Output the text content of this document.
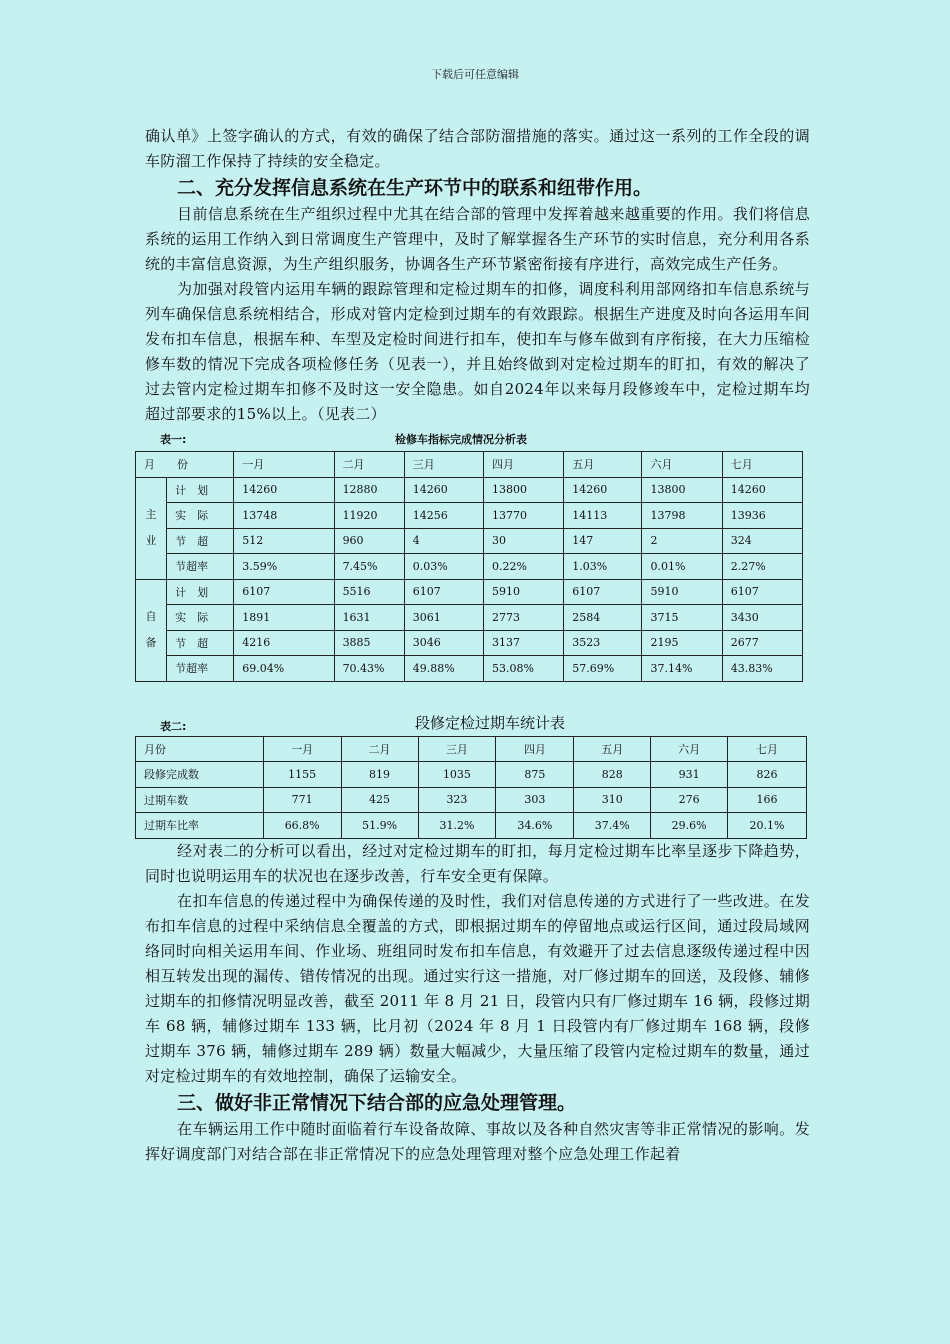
下载后可任意编辑

确认单》上签字确认的方式，有效的确保了结合部防溜措施的落实。通过这一系列的工作全段的调车防溜工作保持了持续的安全稳定。

二、充分发挥信息系统在生产环节中的联系和纽带作用。

目前信息系统在生产组织过程中尤其在结合部的管理中发挥着越来越重要的作用。我们将信息系统的运用工作纳入到日常调度生产管理中，及时了解掌握各生产环节的实时信息，充分利用各系统的丰富信息资源，为生产组织服务，协调各生产环节紧密衔接有序进行，高效完成生产任务。

为加强对段管内运用车辆的跟踪管理和定检过期车的扣修，调度科利用部网络扣车信息系统与列车确保信息系统相结合，形成对管内定检到过期车的有效跟踪。根据生产进度及时向各运用车间发布扣车信息，根据车种、车型及定检时间进行扣车，使扣车与修车做到有序衔接，在大力压缩检修车数的情况下完成各项检修任务（见表一），并且始终做到对定检过期车的盯扣，有效的解决了过去管内定检过期车扣修不及时这一安全隐患。如自2024年以来每月段修竣车中，定检过期车均超过部要求的15%以上。（见表二）

表一:	检修车指标完成情况分析表
月　　份		一月	二月	三月	四月	五月	六月	七月

主
业	计　划	14260	12880	14260	13800	14260	13800	14260
	实　际	13748	11920	14256	13770	14113	13798	13936
	节　超	512	960	4	30	147	2	324
	节超率	3.59%	7.45%	0.03%	0.22%	1.03%	0.01%	2.27%

自
备	计　划	6107	5516	6107	5910	6107	5910	6107
	实　际	1891	1631	3061	2773	2584	3715	3430
	节　超	4216	3885	3046	3137	3523	2195	2677
	节超率	69.04%	70.43%	49.88%	53.08%	57.69%	37.14%	43.83%
表二:	段修定检过期车统计表
月份	一月	二月	三月	四月	五月	六月	七月
段修完成数	1155	819	1035	875	828	931	826
过期车数	771	425	323	303	310	276	166
过期车比率	66.8%	51.9%	31.2%	34.6%	37.4%	29.6%	20.1%

经对表二的分析可以看出，经过对定检过期车的盯扣，每月定检过期车比率呈逐步下降趋势，同时也说明运用车的状况也在逐步改善，行车安全更有保障。

在扣车信息的传递过程中为确保传递的及时性，我们对信息传递的方式进行了一些改进。在发布扣车信息的过程中采纳信息全覆盖的方式，即根据过期车的停留地点或运行区间，通过段局域网络同时向相关运用车间、作业场、班组同时发布扣车信息，有效避开了过去信息逐级传递过程中因相互转发出现的漏传、错传情况的出现。通过实行这一措施，对厂修过期车的回送，及段修、辅修过期车的扣修情况明显改善，截至 2011 年 8 月 21 日，段管内只有厂修过期车 16 辆，段修过期车 68 辆，辅修过期车 133 辆，比月初（2024 年 8 月 1 日段管内有厂修过期车 168 辆，段修过期车 376 辆，辅修过期车 289 辆）数量大幅减少，大量压缩了段管内定检过期车的数量，通过对定检过期车的有效地控制，确保了运输安全。

三、做好非正常情况下结合部的应急处理管理。

在车辆运用工作中随时面临着行车设备故障、事故以及各种自然灾害等非正常情况的影响。发挥好调度部门对结合部在非正常情况下的应急处理管理对整个应急处理工作起着
